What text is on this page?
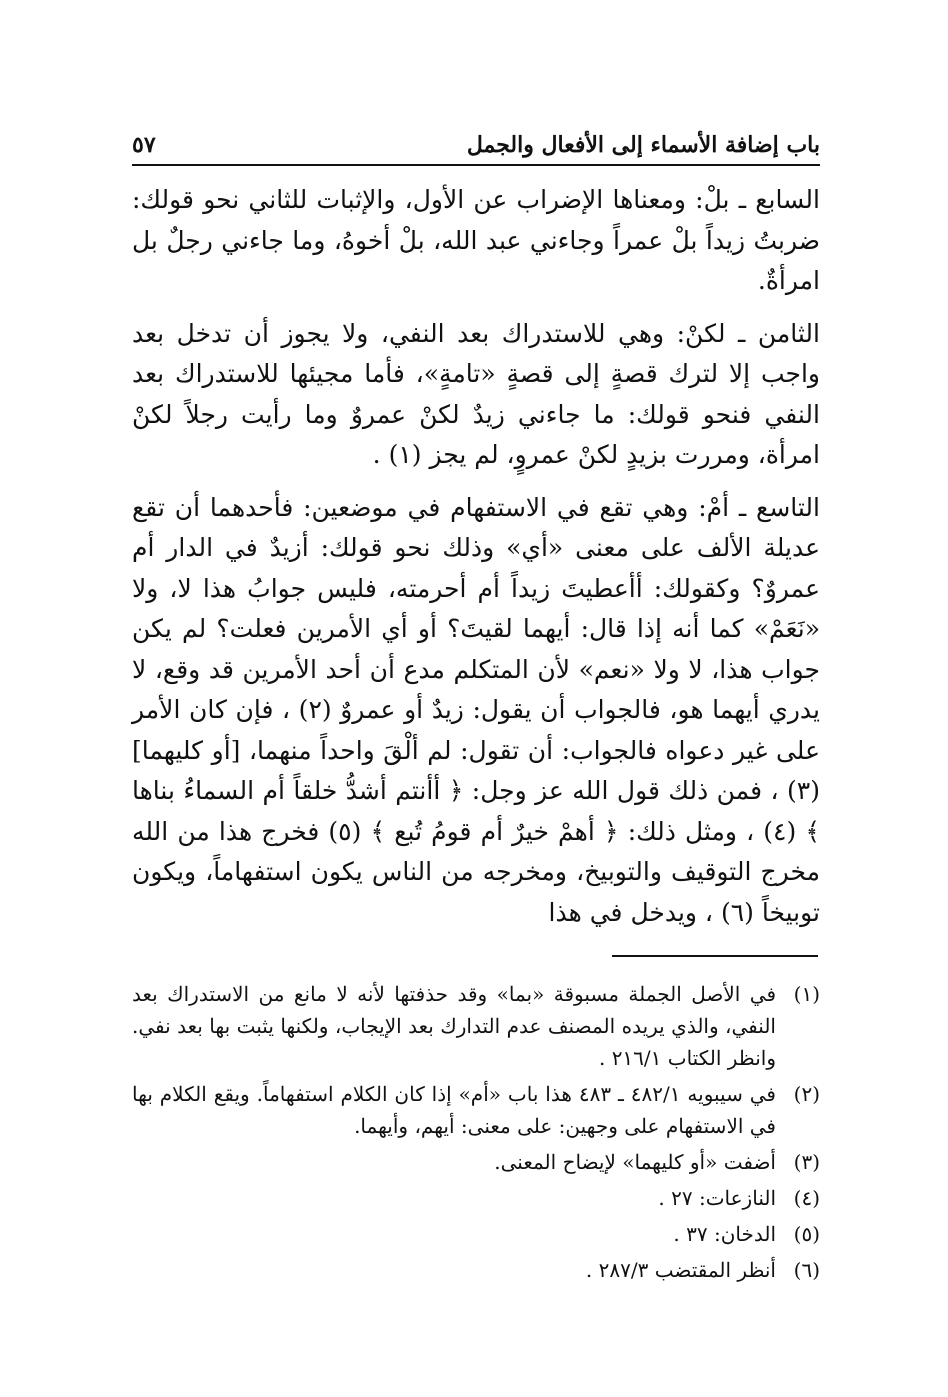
باب إضافة الأسماء إلى الأفعال والجمل
٥٧

السابع ـ بلْ: ومعناها الإضراب عن الأول، والإثبات للثاني نحو قولك: ضربتُ زيداً بلْ عمراً وجاءني عبد الله، بلْ أخوهُ، وما جاءني رجلٌ بل امرأةٌ.

الثامن ـ لكنْ: وهي للاستدراك بعد النفي، ولا يجوز أن تدخل بعد واجب إلا لترك قصةٍ إلى قصةٍ «تامةٍ»، فأما مجيئها للاستدراك بعد النفي فنحو قولك: ما جاءني زيدٌ لكنْ عمروٌ وما رأيت رجلاً لكنْ امرأة، ومررت بزيدٍ لكنْ عمروٍ، لم يجز (١) .

التاسع ـ أمْ: وهي تقع في الاستفهام في موضعين: فأحدهما أن تقع عديلة الألف على معنى «أي» وذلك نحو قولك: أزيدٌ في الدار أم عمروٌ؟ وكقولك: أأعطيتَ زيداً أم أحرمته، فليس جوابُ هذا لا، ولا «نَعَمْ» كما أنه إذا قال: أيهما لقيتَ؟ أو أي الأمرين فعلت؟ لم يكن جواب هذا، لا ولا «نعم» لأن المتكلم مدع أن أحد الأمرين قد وقع، لا يدري أيهما هو، فالجواب أن يقول: زيدٌ أو عمروٌ (٢) ، فإن كان الأمر على غير دعواه فالجواب: أن تقول: لم ألْقَ واحداً منهما، [أو كليهما] (٣) ، فمن ذلك قول الله عز وجل: ﴿ أأنتم أشدُّ خلقاً أم السماءُ بناها ﴾ (٤) ، ومثل ذلك: ﴿ أهمْ خيرٌ أم قومُ تُبع ﴾ (٥) فخرج هذا من الله مخرج التوقيف والتوبيخ، ومخرجه من الناس يكون استفهاماً، ويكون توبيخاً (٦) ، ويدخل في هذا

(١)
في الأصل الجملة مسبوقة «بما» وقد حذفتها لأنه لا مانع من الاستدراك بعد النفي، والذي يريده المصنف عدم التدارك بعد الإيجاب، ولكنها يثبت بها بعد نفي. وانظر الكتاب ٢١٦/١ .
(٢)
في سيبويه ٤٨٢/١ ـ ٤٨٣ هذا باب «أم» إذا كان الكلام استفهاماً. ويقع الكلام بها في الاستفهام على وجهين: على معنى: أيهم، وأيهما.
(٣)
أضفت «أو كليهما» لإيضاح المعنى.
(٤)
النازعات: ٢٧ .
(٥)
الدخان: ٣٧ .
(٦)
أنظر المقتضب ٢٨٧/٣ .
